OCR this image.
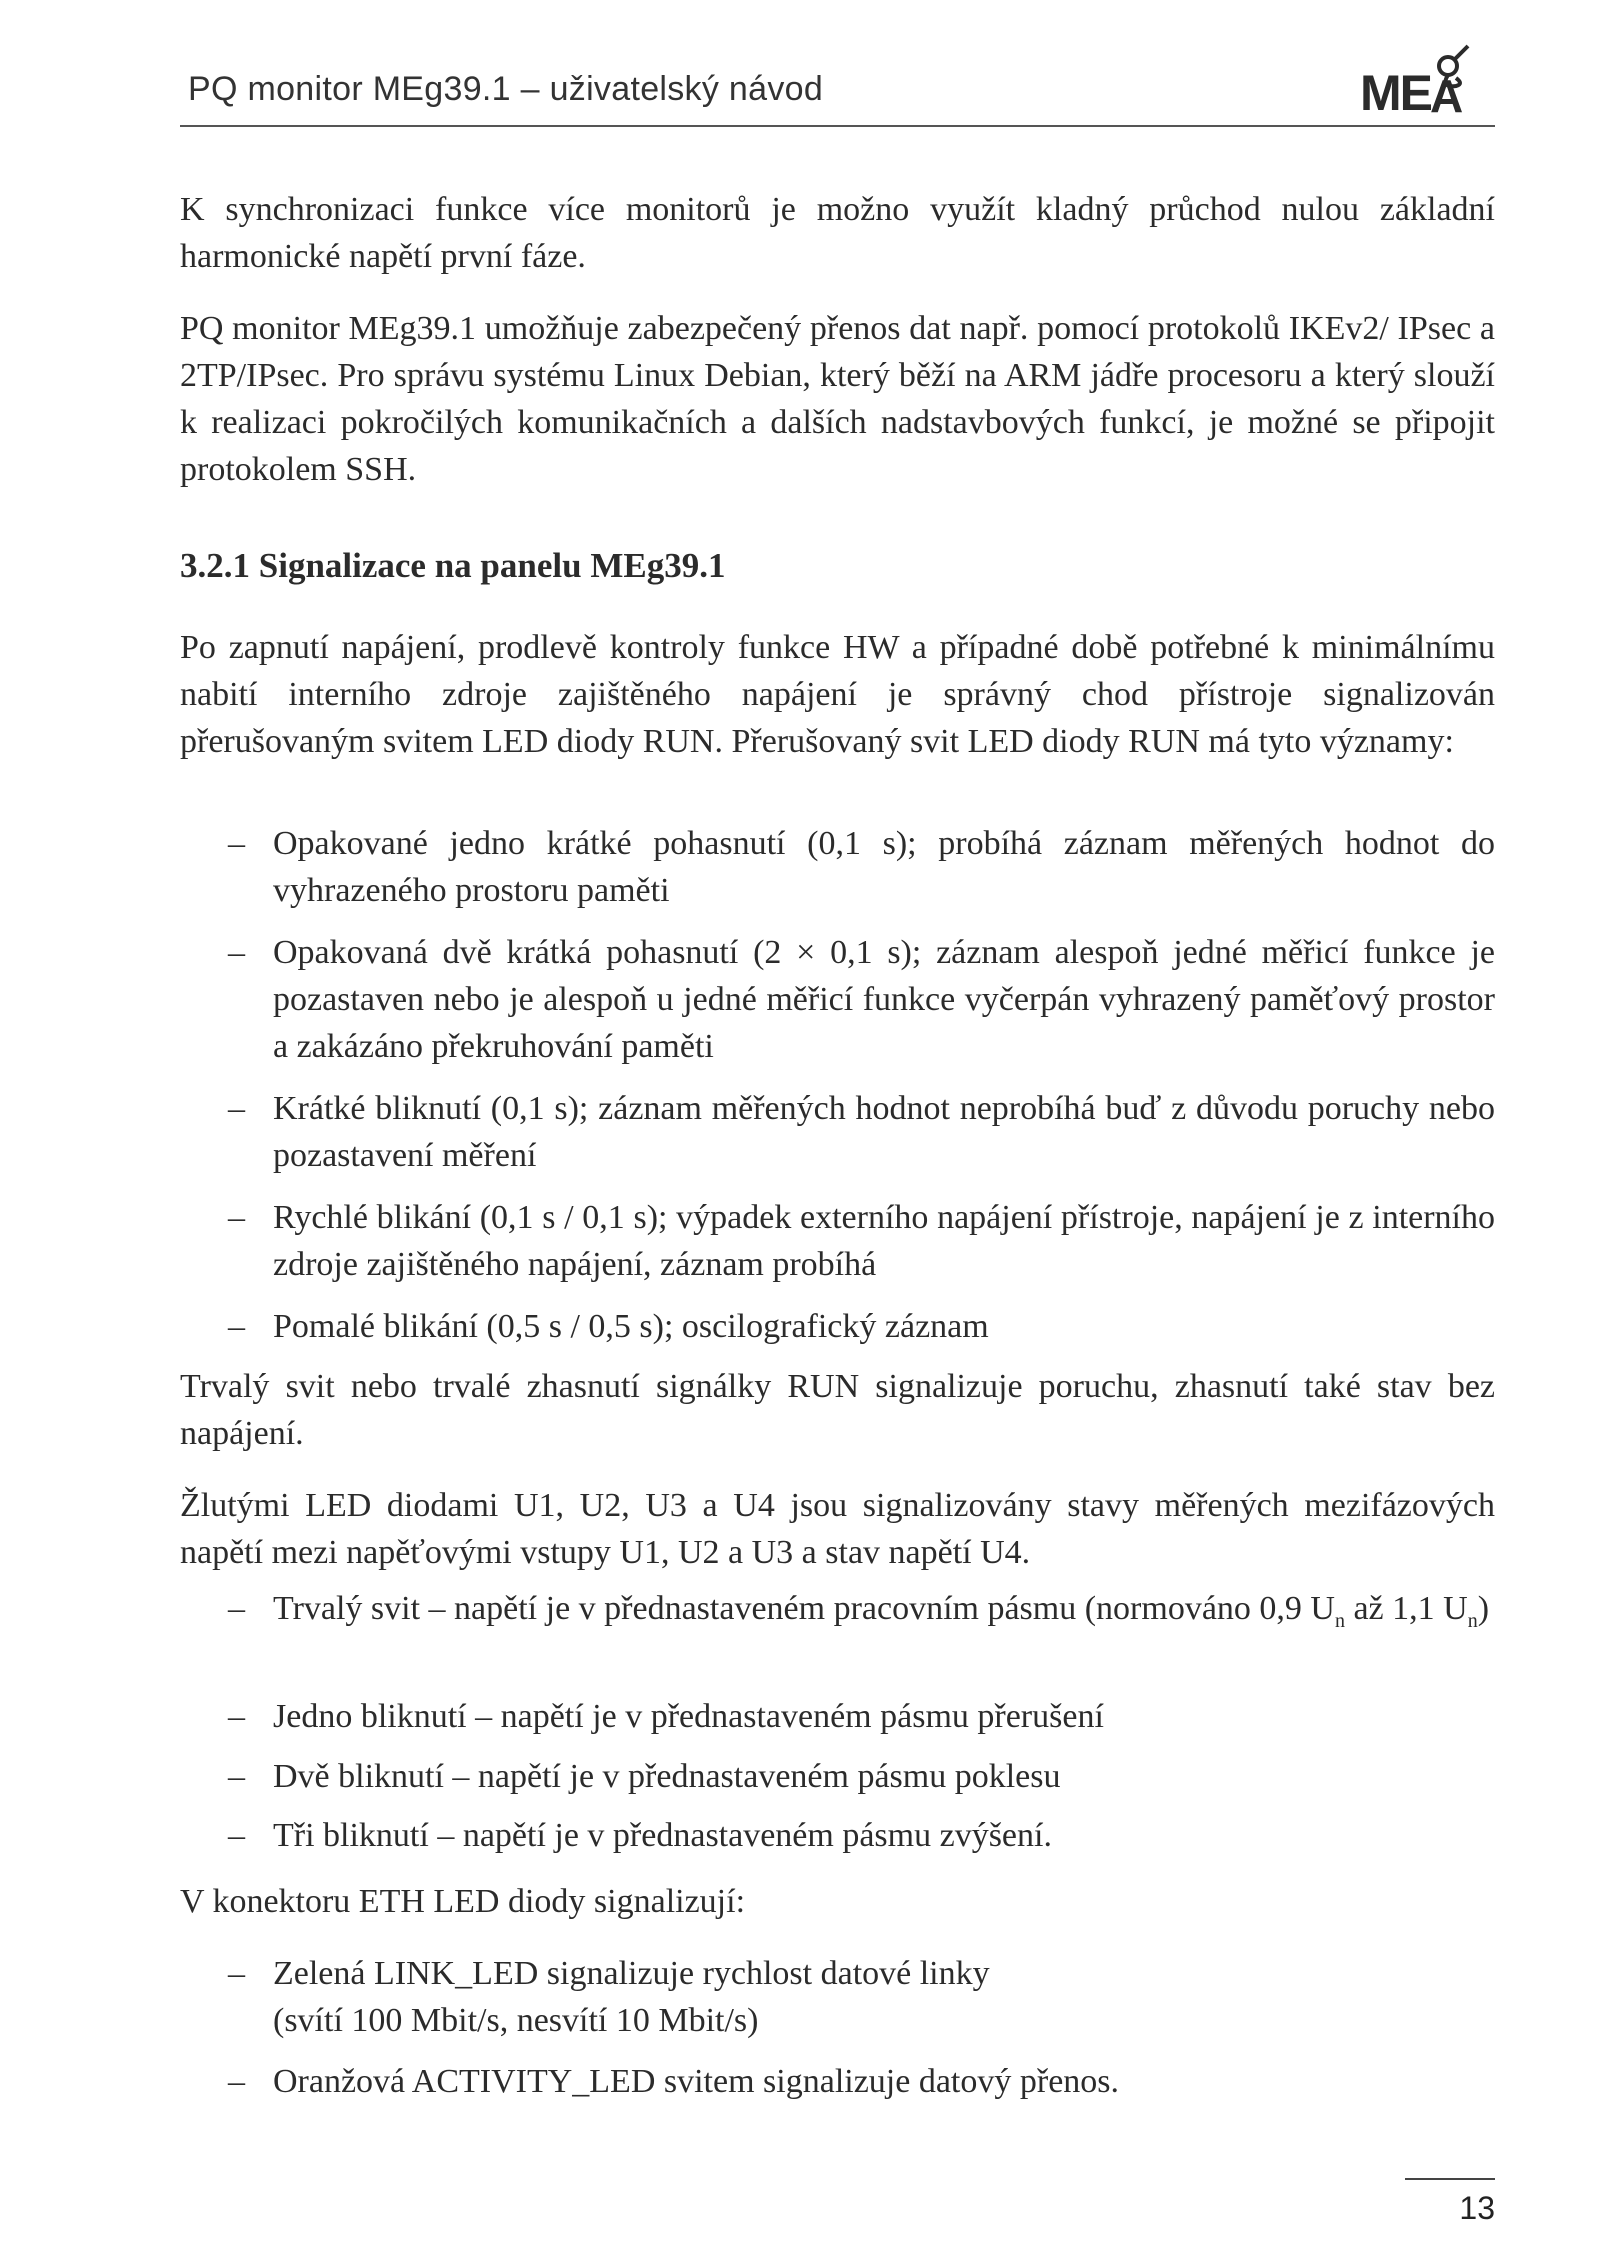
PQ monitor MEg39.1 – uživatelský návod	ME A

K synchronizaci funkce více monitorů je možno využít kladný průchod nulou základní harmonické napětí první fáze.

PQ monitor MEg39.1 umožňuje zabezpečený přenos dat např. pomocí protokolů IKEv2/ IPsec a 2TP/IPsec. Pro správu systému Linux Debian, který běží na ARM jádře procesoru a který slouží k realizaci pokročilých komunikačních a dalších nadstavbových funkcí, je možné se připojit protokolem SSH.

3.2.1 Signalizace na panelu MEg39.1

Po zapnutí napájení, prodlevě kontroly funkce HW a případné době potřebné k minimálnímu nabití interního zdroje zajištěného napájení je správný chod přístroje signalizován přerušovaným svitem LED diody RUN. Přerušovaný svit LED diody RUN má tyto významy:

– Opakované jedno krátké pohasnutí (0,1 s); probíhá záznam měřených hodnot do vyhrazeného prostoru paměti
– Opakovaná dvě krátká pohasnutí (2 × 0,1 s); záznam alespoň jedné měřicí funkce je pozastaven nebo je alespoň u jedné měřicí funkce vyčerpán vyhrazený paměťový prostor a zakázáno překruhování paměti
– Krátké bliknutí (0,1 s); záznam měřených hodnot neprobíhá buď z důvodu poruchy nebo pozastavení měření
– Rychlé blikání (0,1 s / 0,1 s); výpadek externího napájení přístroje, napájení je z interního zdroje zajištěného napájení, záznam probíhá
– Pomalé blikání (0,5 s / 0,5 s); oscilografický záznam

Trvalý svit nebo trvalé zhasnutí signálky RUN signalizuje poruchu, zhasnutí také stav bez napájení.

Žlutými LED diodami U1, U2, U3 a U4 jsou signalizovány stavy měřených mezifázových napětí mezi napěťovými vstupy U1, U2 a U3 a stav napětí U4.

– Trvalý svit – napětí je v přednastaveném pracovním pásmu (normováno 0,9 $U_n$ až 1,1 $U_n$)
– Jedno bliknutí – napětí je v přednastaveném pásmu přerušení
– Dvě bliknutí – napětí je v přednastaveném pásmu poklesu
– Tři bliknutí – napětí je v přednastaveném pásmu zvýšení.

V konektoru ETH LED diody signalizují:

– Zelená LINK_LED signalizuje rychlost datové linky
(svítí 100 Mbit/s, nesvítí 10 Mbit/s)
– Oranžová ACTIVITY_LED svitem signalizuje datový přenos.
13
